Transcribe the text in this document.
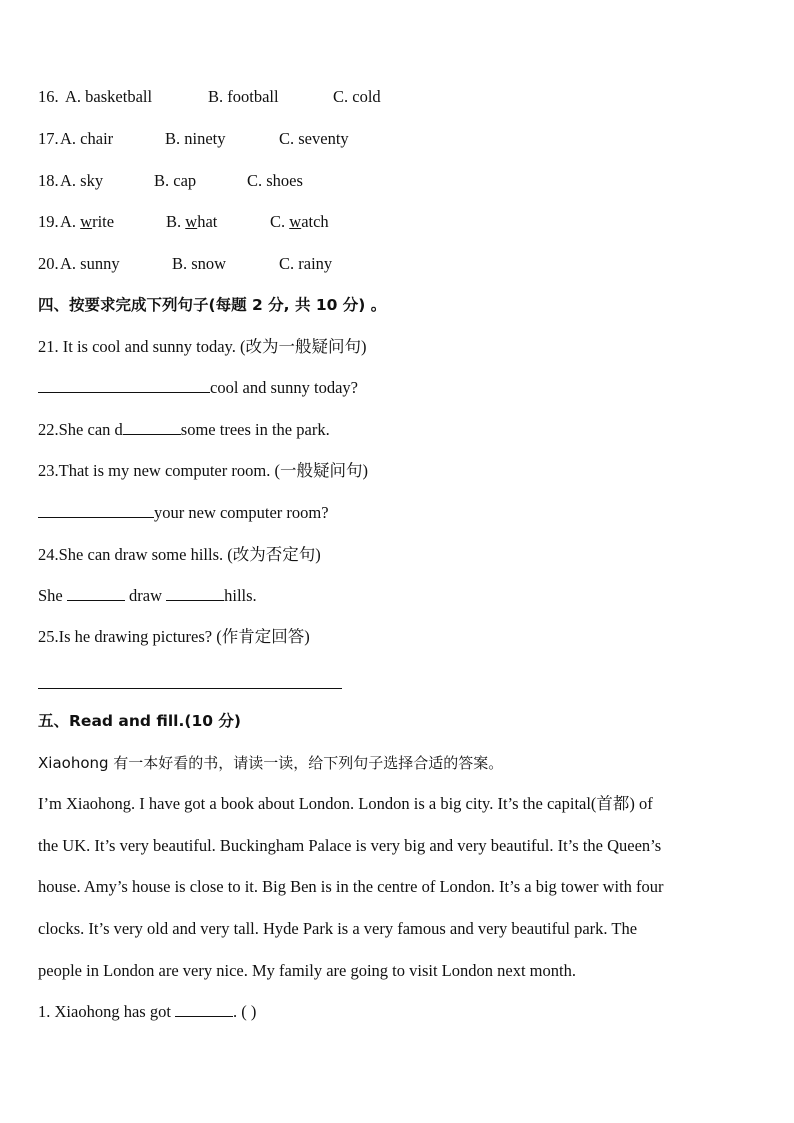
16. A. basketball	B. football	C. cold
17.A. chair	B. ninety	C. seventy
18.A. sky	B. cap	C. shoes
19.A. write	B. what	C. watch
20.A. sunny	B. snow	C. rainy
四、按要求完成下列句子(每题 2 分, 共 10 分) 。
21. It is cool and sunny today. (改为一般疑问句)
cool and sunny today?
22.She can d	some trees in the park.
23.That is my new computer room. (一般疑问句)
your new computer room?
24.She can draw some hills. (改为否定句)
She	draw	hills.
25.Is he drawing pictures? (作肯定回答)
五、Read and fill.(10 分)
Xiaohong 有一本好看的书，请读一读，给下列句子选择合适的答案。
I’m Xiaohong. I have got a book about London. London is a big city. It’s the capital(首都) of
the UK. It’s very beautiful. Buckingham Palace is very big and very beautiful. It’s the Queen’s
house. Amy’s house is close to it. Big Ben is in the centre of London. It’s a big tower with four
clocks. It’s very old and very tall. Hyde Park is a very famous and very beautiful park. The
people in London are very nice. My family are going to visit London next month.
1. Xiaohong has got	. ( )
